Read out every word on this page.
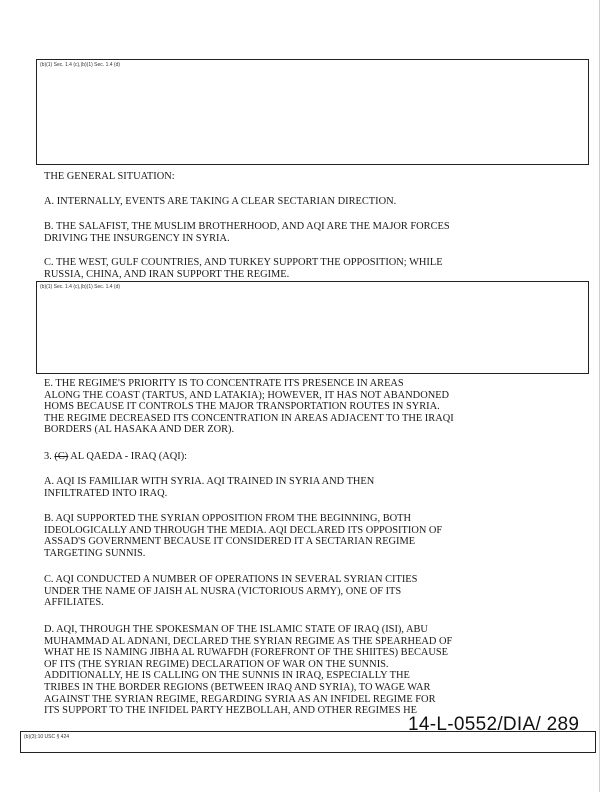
(b)(1) Sec. 1.4 (c),(b)(1) Sec. 1.4 (d)

THE GENERAL SITUATION:

A. INTERNALLY, EVENTS ARE TAKING A CLEAR SECTARIAN DIRECTION.

B. THE SALAFIST, THE MUSLIM BROTHERHOOD, AND AQI ARE THE MAJOR FORCES
DRIVING THE INSURGENCY IN SYRIA.

C. THE WEST, GULF COUNTRIES, AND TURKEY SUPPORT THE OPPOSITION; WHILE
RUSSIA, CHINA, AND IRAN SUPPORT THE REGIME.

(b)(1) Sec. 1.4 (c),(b)(1) Sec. 1.4 (d)

E. THE REGIME'S PRIORITY IS TO CONCENTRATE ITS PRESENCE IN AREAS
ALONG THE COAST (TARTUS, AND LATAKIA); HOWEVER, IT HAS NOT ABANDONED
HOMS BECAUSE IT CONTROLS THE MAJOR TRANSPORTATION ROUTES IN SYRIA.
THE REGIME DECREASED ITS CONCENTRATION IN AREAS ADJACENT TO THE IRAQI
BORDERS (AL HASAKA AND DER ZOR).

3. (C) AL QAEDA - IRAQ (AQI):

A. AQI IS FAMILIAR WITH SYRIA. AQI TRAINED IN SYRIA AND THEN
INFILTRATED INTO IRAQ.

B. AQI SUPPORTED THE SYRIAN OPPOSITION FROM THE BEGINNING, BOTH
IDEOLOGICALLY AND THROUGH THE MEDIA. AQI DECLARED ITS OPPOSITION OF
ASSAD'S GOVERNMENT BECAUSE IT CONSIDERED IT A SECTARIAN REGIME
TARGETING SUNNIS.

C. AQI CONDUCTED A NUMBER OF OPERATIONS IN SEVERAL SYRIAN CITIES
UNDER THE NAME OF JAISH AL NUSRA (VICTORIOUS ARMY), ONE OF ITS
AFFILIATES.

D. AQI, THROUGH THE SPOKESMAN OF THE ISLAMIC STATE OF IRAQ (ISI), ABU
MUHAMMAD AL ADNANI, DECLARED THE SYRIAN REGIME AS THE SPEARHEAD OF
WHAT HE IS NAMING JIBHA AL RUWAFDH (FOREFRONT OF THE SHIITES) BECAUSE
OF ITS (THE SYRIAN REGIME) DECLARATION OF WAR ON THE SUNNIS.
ADDITIONALLY, HE IS CALLING ON THE SUNNIS IN IRAQ, ESPECIALLY THE
TRIBES IN THE BORDER REGIONS (BETWEEN IRAQ AND SYRIA), TO WAGE WAR
AGAINST THE SYRIAN REGIME, REGARDING SYRIA AS AN INFIDEL REGIME FOR
ITS SUPPORT TO THE INFIDEL PARTY HEZBOLLAH, AND OTHER REGIMES HE

14-L-0552/DIA/ 289
(b)(3):10 USC § 424
